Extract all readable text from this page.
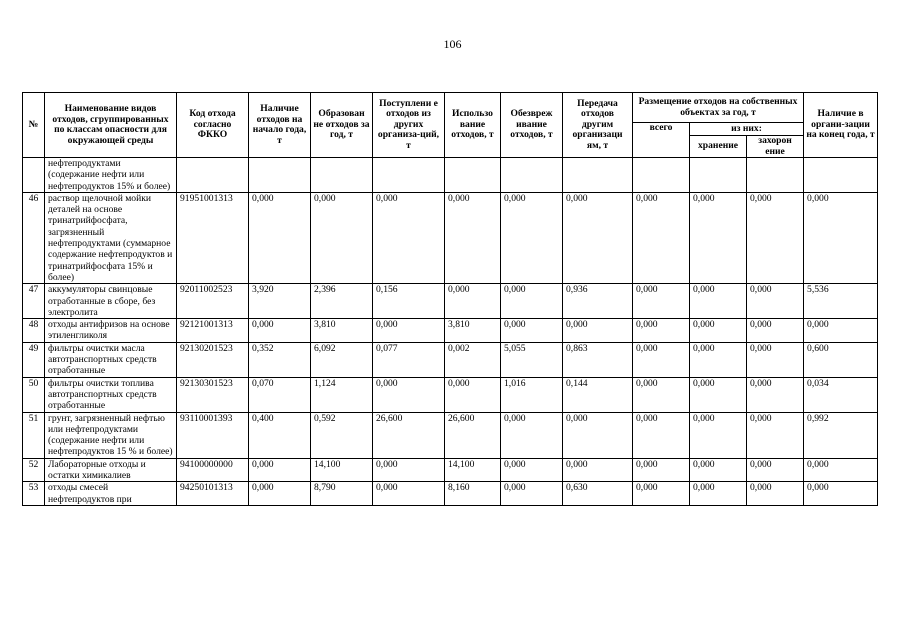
106
№	Наименование видов отходов, сгруппированных по классам опасности для окружающей среды	Код отхода согласно ФККО	Наличие отходов на начало года, т	Образован не отходов за год, т	Поступлени е отходов из других организа-ций, т	Использо вание отходов, т	Обезвреж ивание отходов, т	Передача отходов другим организаци ям, т	Размещение отходов на собственных объектах за год, т			Наличие в органи-зации на конец года, т
									всего	из них:		
										хранение	захорон ение	
	нефтепродуктами (содержание нефти или нефтепродуктов 15% и более)											
46	раствор щелочной мойки деталей на основе тринатрийфосфата, загрязненный нефтепродуктами (суммарное содержание нефтепродуктов и тринатрийфосфата 15% и более)	91951001313	0,000	0,000	0,000	0,000	0,000	0,000	0,000	0,000	0,000	0,000
47	аккумуляторы свинцовые отработанные в сборе, без электролита	92011002523	3,920	2,396	0,156	0,000	0,000	0,936	0,000	0,000	0,000	5,536
48	отходы антифризов на основе этиленгликоля	92121001313	0,000	3,810	0,000	3,810	0,000	0,000	0,000	0,000	0,000	0,000
49	фильтры очистки масла автотранспортных средств отработанные	92130201523	0,352	6,092	0,077	0,002	5,055	0,863	0,000	0,000	0,000	0,600
50	фильтры очистки топлива автотранспортных средств отработанные	92130301523	0,070	1,124	0,000	0,000	1,016	0,144	0,000	0,000	0,000	0,034
51	грунт, загрязненный нефтью или нефтепродуктами (содержание нефти или нефтепродуктов 15 % и более)	93110001393	0,400	0,592	26,600	26,600	0,000	0,000	0,000	0,000	0,000	0,992
52	Лабораторные отходы и остатки химикалиев	94100000000	0,000	14,100	0,000	14,100	0,000	0,000	0,000	0,000	0,000	0,000
53	отходы смесей нефтепродуктов при	94250101313	0,000	8,790	0,000	8,160	0,000	0,630	0,000	0,000	0,000	0,000
